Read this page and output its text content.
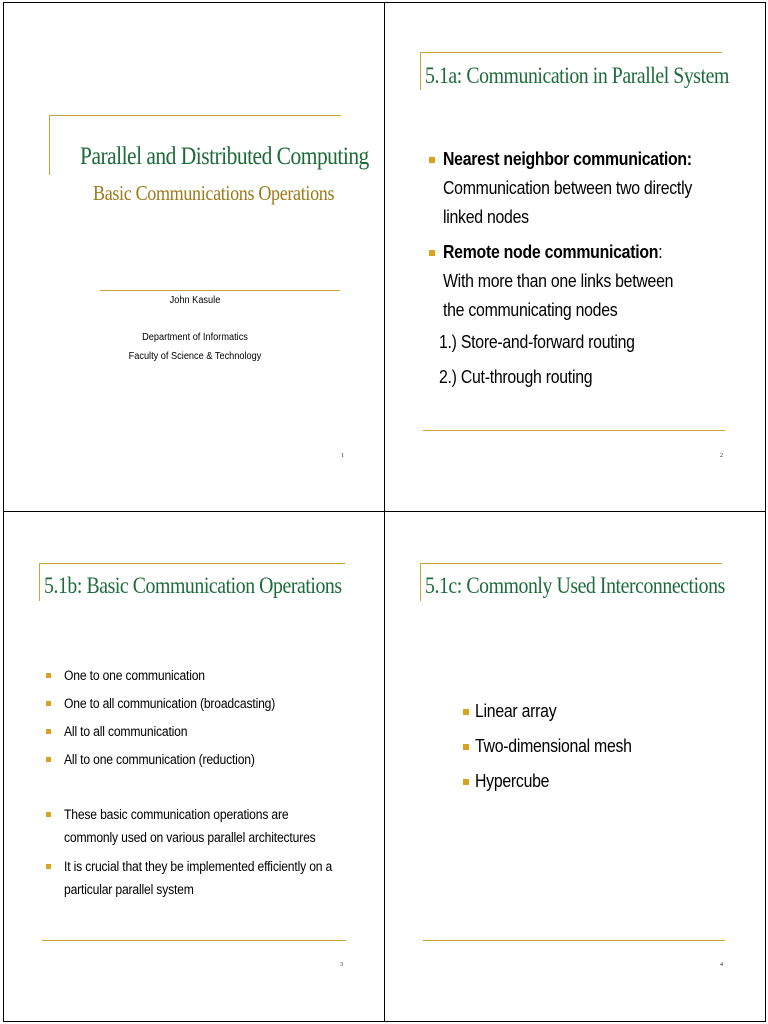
Parallel and Distributed Computing
Basic Communications Operations
John Kasule
Department of Informatics
Faculty of Science & Technology
1
5.1a: Communication in Parallel System
Nearest neighbor communication: Communication between two directly linked nodes
Remote node communication: With more than one links between the communicating nodes
1.) Store-and-forward routing
2.) Cut-through routing
2
5.1b: Basic Communication Operations
One to one communication
One to all communication (broadcasting)
All to all communication
All to one communication (reduction)
These basic communication operations are commonly used on various parallel architectures
It is crucial that they be implemented efficiently on a particular parallel system
3
5.1c: Commonly Used Interconnections
Linear array
Two-dimensional mesh
Hypercube
4
